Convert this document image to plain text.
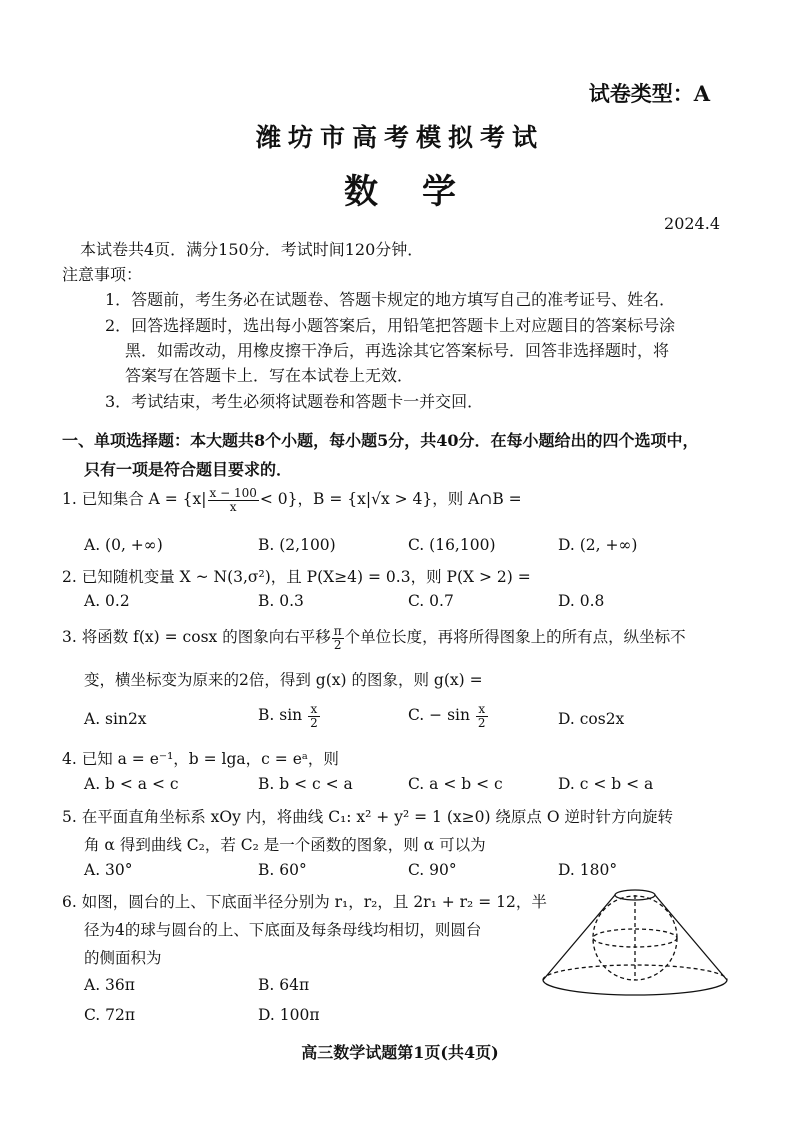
试卷类型：A
潍坊市高考模拟考试
数学
2024.4
本试卷共4页．满分150分．考试时间120分钟．
注意事项：
1．答题前，考生务必在试题卷、答题卡规定的地方填写自己的准考证号、姓名．
2．回答选择题时，选出每小题答案后，用铅笔把答题卡上对应题目的答案标号涂
黑．如需改动，用橡皮擦干净后，再选涂其它答案标号．回答非选择题时，将
答案写在答题卡上．写在本试卷上无效．
3．考试结束，考生必须将试题卷和答题卡一并交回．
一、单项选择题：本大题共8个小题，每小题5分，共40分．在每小题给出的四个选项中，
只有一项是符合题目要求的．
1. 已知集合 $A = \{x| \frac{x - 100}{x} < 0\}$，B = {x|√x > 4}，则 A∩B =
A. (0, +∞)	B. (2,100)	C. (16,100)	D. (2, +∞)
2. 已知随机变量 X ~ N(3,σ²)，且 P(X≥4) = 0.3，则 P(X > 2) =
A. 0.2	B. 0.3	C. 0.7	D. 0.8
3. 将函数 f(x) = cosx 的图象向右平移 $\frac{\pi}{2}$ 个单位长度，再将所得图象上的所有点，纵坐标不
变，横坐标变为原来的2倍，得到 g(x) 的图象，则 g(x) =
A. sin2x	B. $\sin \frac{x}{2}$	C. − $\sin \frac{x}{2}$	D. cos2x
4. 已知 a = e⁻¹，b = lga，c = eᵃ，则
A. b < a < c	B. b < c < a	C. a < b < c	D. c < b < a
5. 在平面直角坐标系 xOy 内，将曲线 C₁: x² + y² = 1 (x≥0) 绕原点 O 逆时针方向旋转
角 α 得到曲线 C₂，若 C₂ 是一个函数的图象，则 α 可以为
A. 30°	B. 60°	C. 90°	D. 180°
6. 如图，圆台的上、下底面半径分别为 r₁，r₂，且 2r₁ + r₂ = 12，半
径为4的球与圆台的上、下底面及每条母线均相切，则圆台
的侧面积为
A. 36π	B. 64π
C. 72π	D. 100π
高三数学试题第1页(共4页)
